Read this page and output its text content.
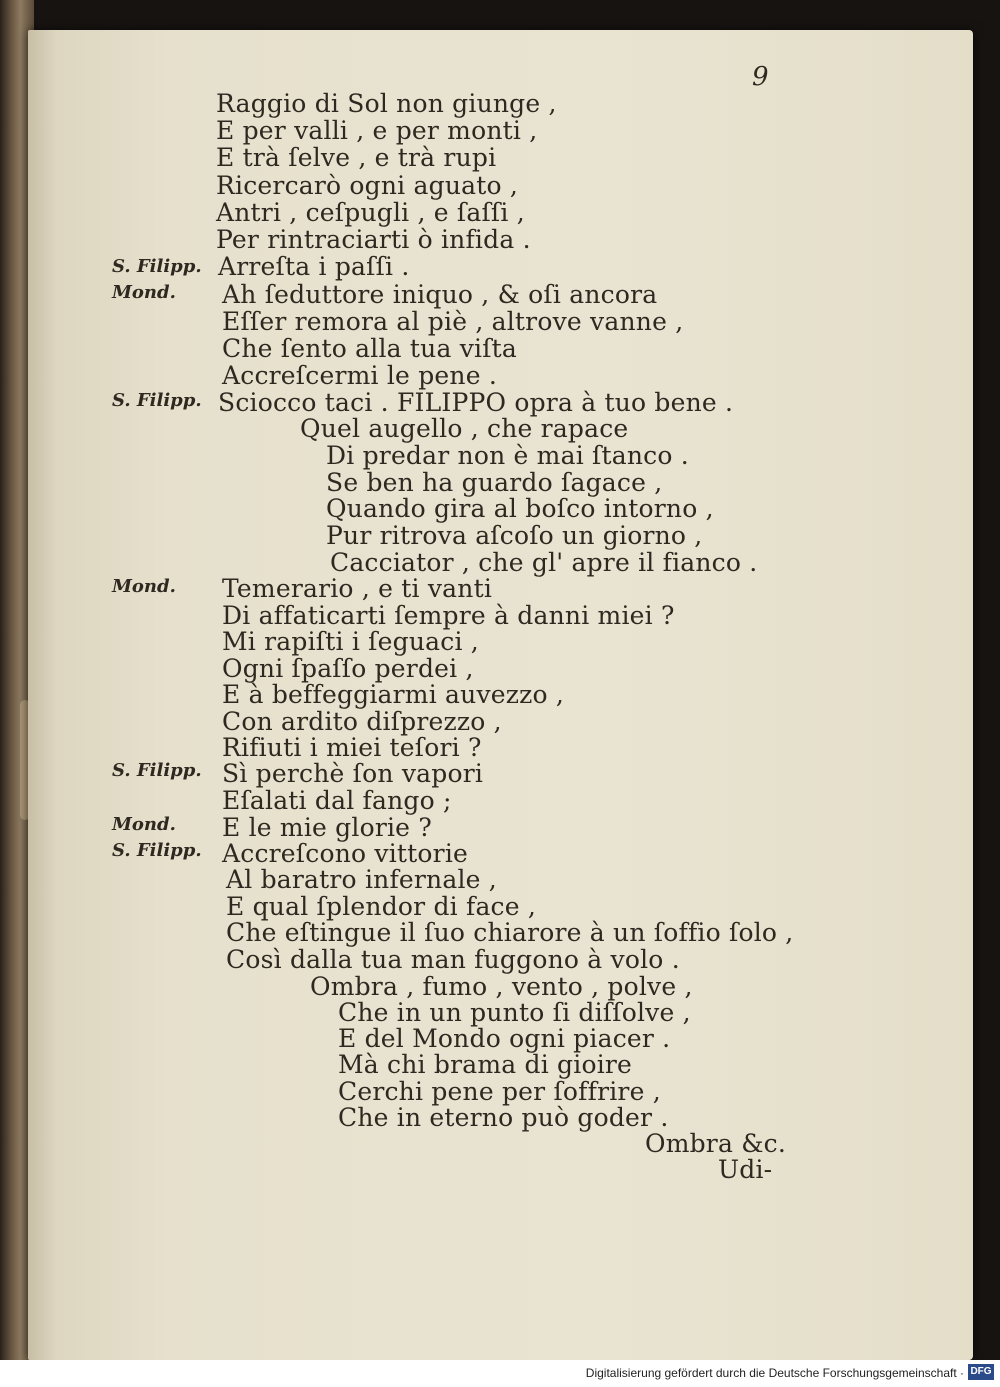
9
S. Filipp.
Mond.
S. Filipp.
Mond.
S. Filipp.
Mond.
S. Filipp.
Raggio di Sol non giunge ,
E per valli , e per monti ,
E trà ſelve , e trà rupi
Ricercarò ogni aguato ,
Antri , ceſpugli , e ſaſſi ,
Per rintraciarti ò infida .
Arreſta i paſſi .
Ah ſeduttore iniquo , & oſi ancora
Eſſer remora al piè , altrove vanne ,
Che ſento alla tua viſta
Accreſcermi le pene .
Sciocco taci . FILIPPO opra à tuo bene .
Quel augello , che rapace
Di predar non è mai ſtanco .
Se ben ha guardo ſagace ,
Quando gira al boſco intorno ,
Pur ritrova aſcoſo un giorno ,
Cacciator , che gl' apre il fianco .
Temerario , e ti vanti
Di affaticarti ſempre à danni miei ?
Mi rapiſti i ſeguaci ,
Ogni ſpaſſo perdei ,
E à beffeggiarmi auvezzo ,
Con ardito diſprezzo ,
Rifiuti i miei teſori ?
Sì perchè ſon vapori
Eſalati dal fango ;
E le mie glorie ?
Accreſcono vittorie
Al baratro infernale ,
E qual ſplendor di face ,
Che eſtingue il ſuo chiarore à un ſoffio ſolo ,
Così dalla tua man fuggono à volo .
Ombra , fumo , vento , polve ,
Che in un punto ſi diſſolve ,
E del Mondo ogni piacer .
Mà chi brama di gioire
Cerchi pene per ſoffrire ,
Che in eterno può goder .
Ombra &c.
Udi-
Digitalisierung gefördert durch die Deutsche Forschungsgemeinschaft · DFG
